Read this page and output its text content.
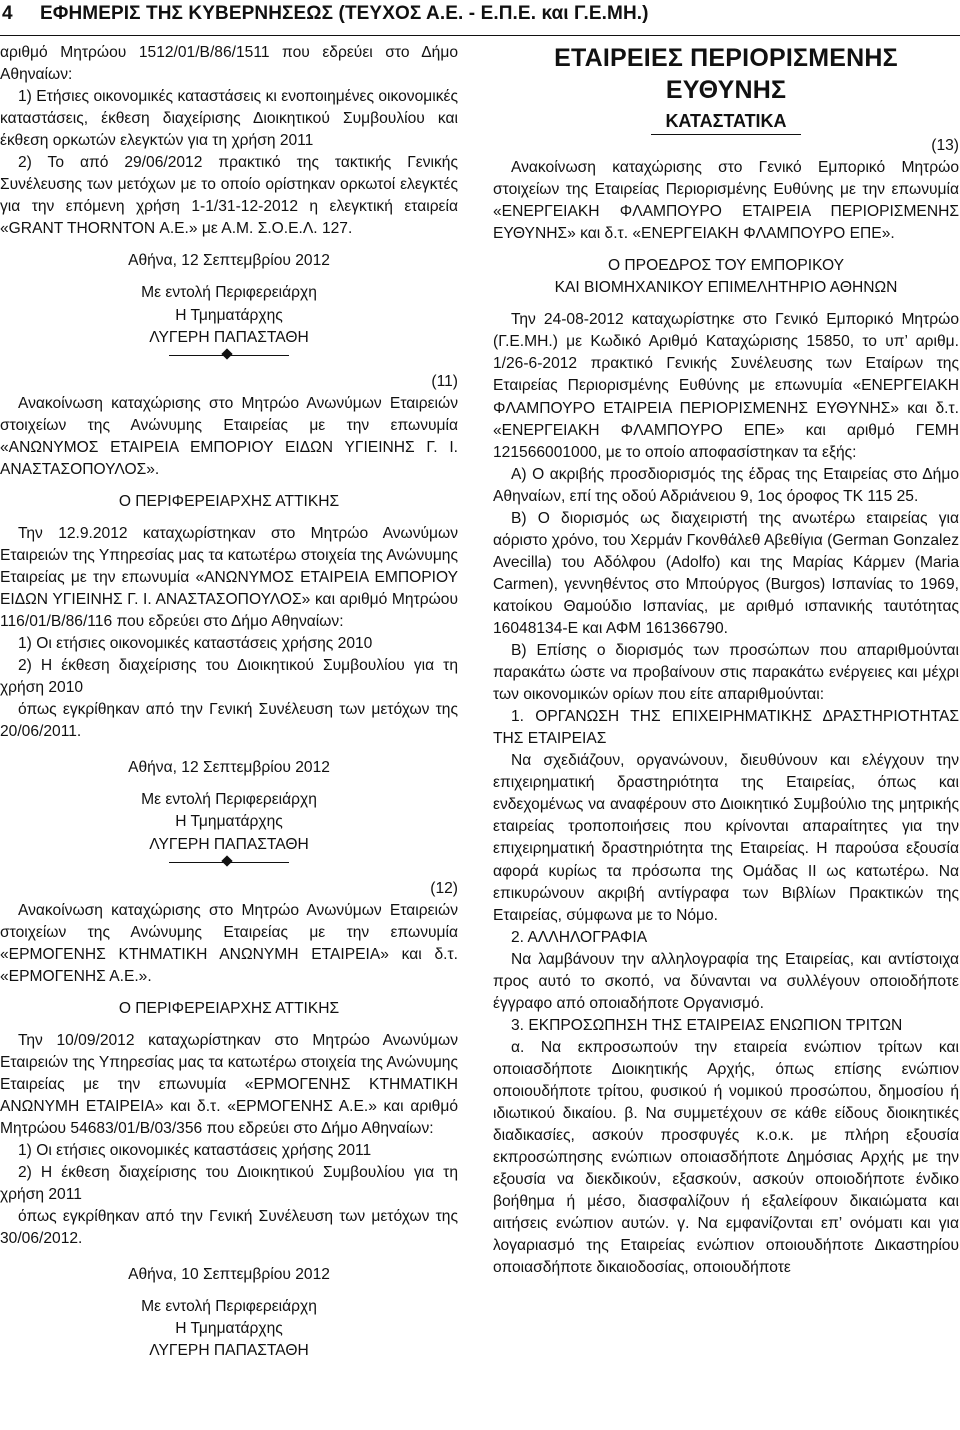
4 ΕΦΗΜΕΡΙΣ ΤΗΣ ΚΥΒΕΡΝΗΣΕΩΣ (ΤΕΥΧΟΣ Α.Ε. - Ε.Π.Ε. και Γ.Ε.ΜΗ.)

αριθμό Μητρώου 1512/01/Β/86/1511 που εδρεύει στο Δήμο Αθηναίων:

1) Ετήσιες οικονομικές καταστάσεις κι ενοποιημένες οικονομικές καταστάσεις, έκθεση διαχείρισης Διοικητικού Συμβουλίου και έκθεση ορκωτών ελεγκτών για τη χρήση 2011

2) Το από 29/06/2012 πρακτικό της τακτικής Γενικής Συνέλευσης των μετόχων με το οποίο ορίστηκαν ορκωτοί ελεγκτές για την επόμενη χρήση 1-1/31-12-2012 η ελεγκτική εταιρεία «GRANT THORNTON Α.Ε.» με Α.Μ. Σ.Ο.Ε.Λ. 127.

Αθήνα, 12 Σεπτεμβρίου 2012

Με εντολή Περιφερειάρχη

Η Τμηματάρχης

ΛΥΓΕΡΗ ΠΑΠΑΣΤΑΘΗ

(11)

Ανακοίνωση καταχώρισης στο Μητρώο Ανωνύμων Εταιρειών στοιχείων της Ανώνυμης Εταιρείας με την επωνυμία «ΑΝΩΝΥΜΟΣ ΕΤΑΙΡΕΙΑ ΕΜΠΟΡΙΟΥ ΕΙΔΩΝ ΥΓΙΕΙΝΗΣ Γ. Ι. ΑΝΑΣΤΑΣΟΠΟΥΛΟΣ».

Ο ΠΕΡΙΦΕΡΕΙΑΡΧΗΣ ΑΤΤΙΚΗΣ

Την 12.9.2012 καταχωρίστηκαν στο Μητρώο Ανωνύμων Εταιρειών της Υπηρεσίας μας τα κατωτέρω στοιχεία της Ανώνυμης Εταιρείας με την επωνυμία «ΑΝΩΝΥΜΟΣ ΕΤΑΙΡΕΙΑ ΕΜΠΟΡΙΟΥ ΕΙΔΩΝ ΥΓΙΕΙΝΗΣ Γ. Ι. ΑΝΑΣΤΑΣΟΠΟΥΛΟΣ» και αριθμό Μητρώου 116/01/Β/86/116 που εδρεύει στο Δήμο Αθηναίων:

1) Οι ετήσιες οικονομικές καταστάσεις χρήσης 2010

2) Η έκθεση διαχείρισης του Διοικητικού Συμβουλίου για τη χρήση 2010

όπως εγκρίθηκαν από την Γενική Συνέλευση των μετόχων της 20/06/2011.

Αθήνα, 12 Σεπτεμβρίου 2012

Με εντολή Περιφερειάρχη

Η Τμηματάρχης

ΛΥΓΕΡΗ ΠΑΠΑΣΤΑΘΗ

(12)

Ανακοίνωση καταχώρισης στο Μητρώο Ανωνύμων Εταιρειών στοιχείων της Ανώνυμης Εταιρείας με την επωνυμία «ΕΡΜΟΓΕΝΗΣ ΚΤΗΜΑΤΙΚΗ ΑΝΩΝΥΜΗ ΕΤΑΙΡΕΙΑ» και δ.τ. «ΕΡΜΟΓΕΝΗΣ Α.Ε.».

Ο ΠΕΡΙΦΕΡΕΙΑΡΧΗΣ ΑΤΤΙΚΗΣ

Την 10/09/2012 καταχωρίστηκαν στο Μητρώο Ανωνύμων Εταιρειών της Υπηρεσίας μας τα κατωτέρω στοιχεία της Ανώνυμης Εταιρείας με την επωνυμία «ΕΡΜΟΓΕΝΗΣ ΚΤΗΜΑΤΙΚΗ ΑΝΩΝΥΜΗ ΕΤΑΙΡΕΙΑ» και δ.τ. «ΕΡΜΟΓΕΝΗΣ Α.Ε.» και αριθμό Μητρώου 54683/01/Β/03/356 που εδρεύει στο Δήμο Αθηναίων:

1) Οι ετήσιες οικονομικές καταστάσεις χρήσης 2011

2) Η έκθεση διαχείρισης του Διοικητικού Συμβουλίου για τη χρήση 2011

όπως εγκρίθηκαν από την Γενική Συνέλευση των μετόχων της 30/06/2012.

Αθήνα, 10 Σεπτεμβρίου 2012

Με εντολή Περιφερειάρχη

Η Τμηματάρχης

ΛΥΓΕΡΗ ΠΑΠΑΣΤΑΘΗ

ΕΤΑΙΡΕΙΕΣ ΠΕΡΙΟΡΙΣΜΕΝΗΣ ΕΥΘΥΝΗΣ

ΚΑΤΑΣΤΑΤΙΚΑ

(13)

Ανακοίνωση καταχώρισης στο Γενικό Εμπορικό Μητρώο στοιχείων της Εταιρείας Περιορισμένης Ευθύνης με την επωνυμία «ΕΝΕΡΓΕΙΑΚΗ ΦΛΑΜΠΟΥΡΟ ΕΤΑΙΡΕΙΑ ΠΕΡΙΟΡΙΣΜΕΝΗΣ ΕΥΘΥΝΗΣ» και δ.τ. «ΕΝΕΡΓΕΙΑΚΗ ΦΛΑΜΠΟΥΡΟ ΕΠΕ».

Ο ΠΡΟΕΔΡΟΣ ΤΟΥ ΕΜΠΟΡΙΚΟΥ

ΚΑΙ ΒΙΟΜΗΧΑΝΙΚΟΥ ΕΠΙΜΕΛΗΤΗΡΙΟ ΑΘΗΝΩΝ

Την 24-08-2012 καταχωρίστηκε στο Γενικό Εμπορικό Μητρώο (Γ.Ε.ΜΗ.) με Κωδικό Αριθμό Καταχώρισης 15850, το υπ’ αριθμ. 1/26-6-2012 πρακτικό Γενικής Συνέλευσης των Εταίρων της Εταιρείας Περιορισμένης Ευθύνης με επωνυμία «ΕΝΕΡΓΕΙΑΚΗ ΦΛΑΜΠΟΥΡΟ ΕΤΑΙΡΕΙΑ ΠΕΡΙΟΡΙΣΜΕΝΗΣ ΕΥΘΥΝΗΣ» και δ.τ. «ΕΝΕΡΓΕΙΑΚΗ ΦΛΑΜΠΟΥΡΟ ΕΠΕ» και αριθμό ΓΕΜΗ 121566001000, με το οποίο αποφασίστηκαν τα εξής:

Α) Ο ακριβής προσδιορισμός της έδρας της Εταιρείας στο Δήμο Αθηναίων, επί της οδού Αδριάνειου 9, 1ος όροφος ΤΚ 115 25.

Β) Ο διορισμός ως διαχειριστή της ανωτέρω εταιρείας για αόριστο χρόνο, του Χερμάν Γκονθάλεθ Αβεθίγια (German Gonzalez Avecilla) του Αδόλφου (Adolfo) και της Μαρίας Κάρμεν (Maria Carmen), γεννηθέντος στο Μπούργος (Burgos) Ισπανίας το 1969, κατοίκου Θαμούδιο Ισπανίας, με αριθμό ισπανικής ταυτότητας 16048134-E και ΑΦΜ 161366790.

Β) Επίσης ο διορισμός των προσώπων που απαριθμούνται παρακάτω ώστε να προβαίνουν στις παρακάτω ενέργειες και μέχρι των οικονομικών ορίων που είτε απαριθμούνται:

1. ΟΡΓΑΝΩΣΗ ΤΗΣ ΕΠΙΧΕΙΡΗΜΑΤΙΚΗΣ ΔΡΑΣΤΗΡΙΟΤΗΤΑΣ ΤΗΣ ΕΤΑΙΡΕΙΑΣ

Να σχεδιάζουν, οργανώνουν, διευθύνουν και ελέγχουν την επιχειρηματική δραστηριότητα της Εταιρείας, όπως και ενδεχομένως να αναφέρουν στο Διοικητικό Συμβούλιο της μητρικής εταιρείας τροποποιήσεις που κρίνονται απαραίτητες για την επιχειρηματική δραστηριότητα της Εταιρείας. Η παρούσα εξουσία αφορά κυρίως τα πρόσωπα της Ομάδας ΙΙ ως κατωτέρω. Να επικυρώνουν ακριβή αντίγραφα των Βιβλίων Πρακτικών της Εταιρείας, σύμφωνα με το Νόμο.

2. ΑΛΛΗΛΟΓΡΑΦΙΑ

Να λαμβάνουν την αλληλογραφία της Εταιρείας, και αντίστοιχα προς αυτό το σκοπό, να δύνανται να συλλέγουν οποιοδήποτε έγγραφο από οποιαδήποτε Οργανισμό.

3. ΕΚΠΡΟΣΩΠΗΣΗ ΤΗΣ ΕΤΑΙΡΕΙΑΣ ΕΝΩΠΙΟΝ ΤΡΙΤΩΝ

α. Να εκπροσωπούν την εταιρεία ενώπιον τρίτων και οποιασδήποτε Διοικητικής Αρχής, όπως επίσης ενώπιον οποιουδήποτε τρίτου, φυσικού ή νομικού προσώπου, δημοσίου ή ιδιωτικού δικαίου. β. Να συμμετέχουν σε κάθε είδους διοικητικές διαδικασίες, ασκούν προσφυγές κ.ο.κ. με πλήρη εξουσία εκπροσώπησης ενώπιων οποιασδήποτε Δημόσιας Αρχής με την εξουσία να διεκδικούν, εξασκούν, ασκούν οποιοδήποτε ένδικο βοήθημα ή μέσο, διασφαλίζουν ή εξαλείφουν δικαιώματα και αιτήσεις ενώπιον αυτών. γ. Να εμφανίζονται επ’ ονόματι και για λογαριασμό της Εταιρείας ενώπιον οποιουδήποτε Δικαστηρίου οποιασδήποτε δικαιοδοσίας, οποιουδήποτε
